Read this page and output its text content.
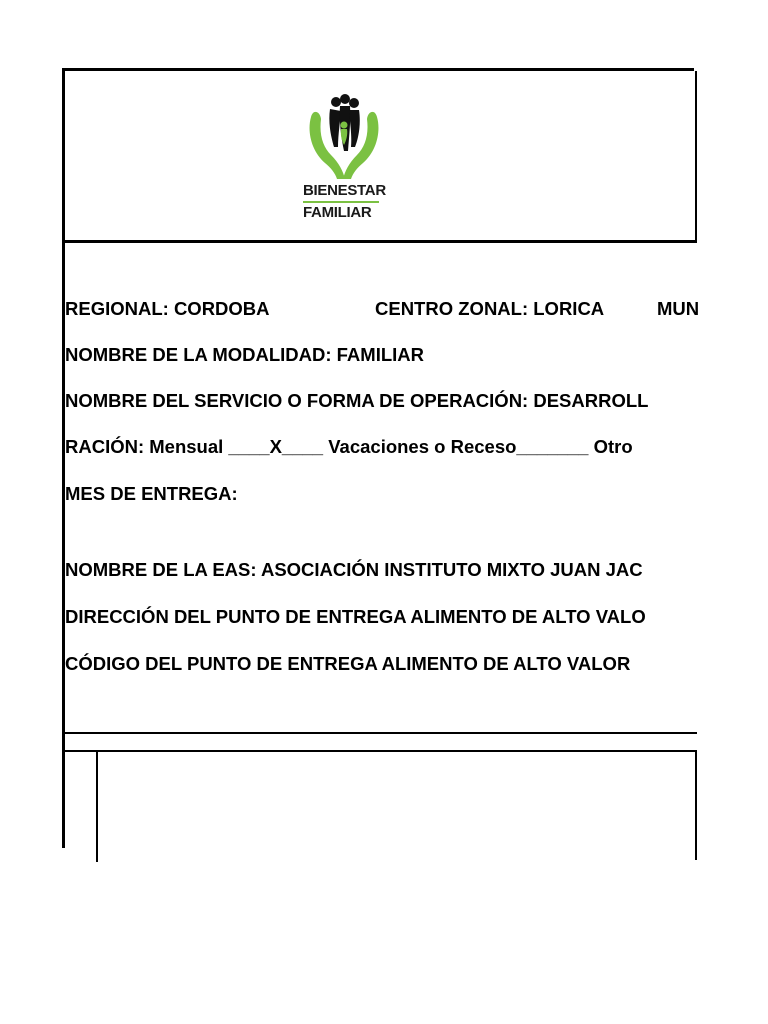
BIENESTAR
FAMILIAR
REGIONAL: CORDOBA	CENTRO ZONAL: LORICA	MUN
NOMBRE DE LA MODALIDAD: FAMILIAR
NOMBRE DEL SERVICIO O FORMA DE OPERACIÓN: DESARROLL
RACIÓN: Mensual ____X____ Vacaciones o Receso_______ Otro
MES DE ENTREGA:
NOMBRE DE LA EAS: ASOCIACIÓN INSTITUTO MIXTO JUAN JAC
DIRECCIÓN DEL PUNTO DE ENTREGA ALIMENTO DE ALTO VALO
CÓDIGO DEL PUNTO DE ENTREGA ALIMENTO DE ALTO VALOR
